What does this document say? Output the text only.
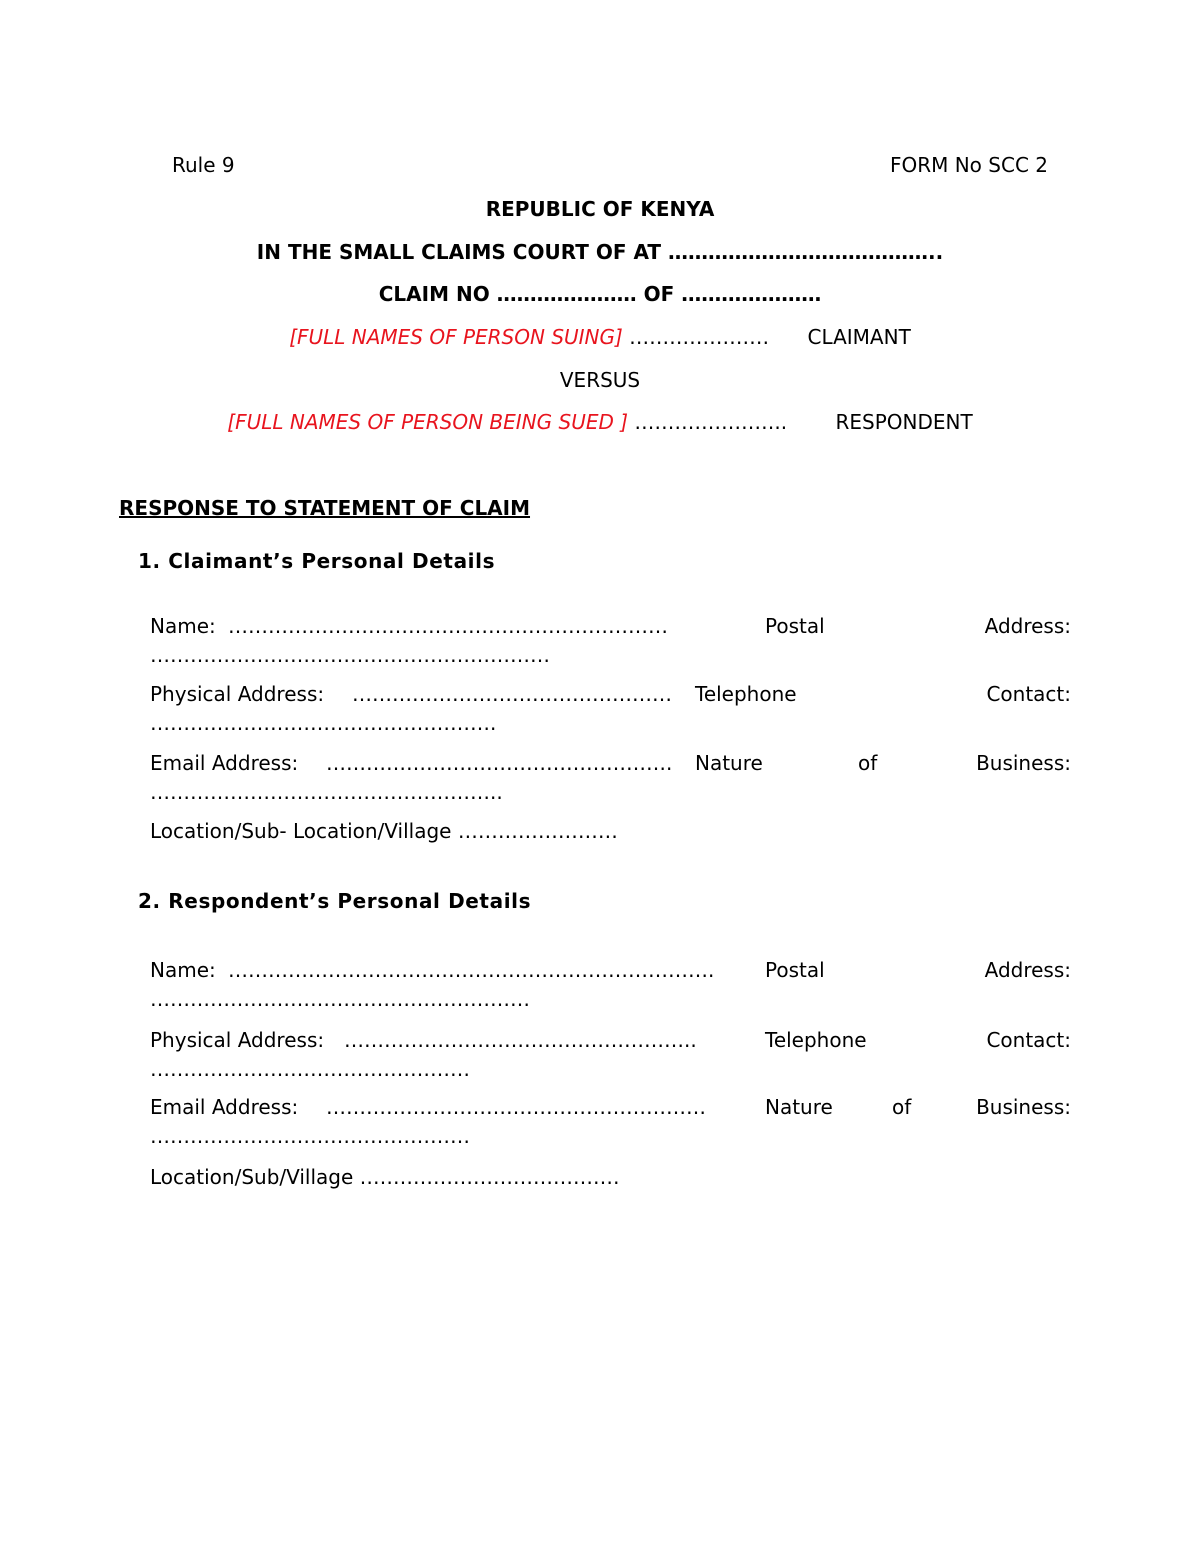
Rule 9	FORM No SCC 2
REPUBLIC OF KENYA
IN THE SMALL CLAIMS COURT OF AT …………………………………..
CLAIM NO ………………… OF …………………
[FULL NAMES OF PERSON SUING] ………………… CLAIMANT
VERSUS
[FULL NAMES OF PERSON BEING SUED ] ………………….. RESPONDENT
RESPONSE TO STATEMENT OF CLAIM
1. Claimant’s Personal Details
Name: …………………………………………………………	Postal	Address:
……………………………………………………
Physical Address: ………………………………………… Telephone	Contact:
…………………………………………….
Email Address: ……………………………………………. Nature	of	Business:
……………………………………………..
Location/Sub- Location/Village ……………………
2. Respondent’s Personal Details
Name: ……………………………………………………………….	Postal	Address:
…………………………………………………
Physical Address: ……………………………………………..	Telephone	Contact:
…………………………………………
Email Address: …………………………………………………	Nature	of	Business:
…………………………………………
Location/Sub/Village …………………………………
